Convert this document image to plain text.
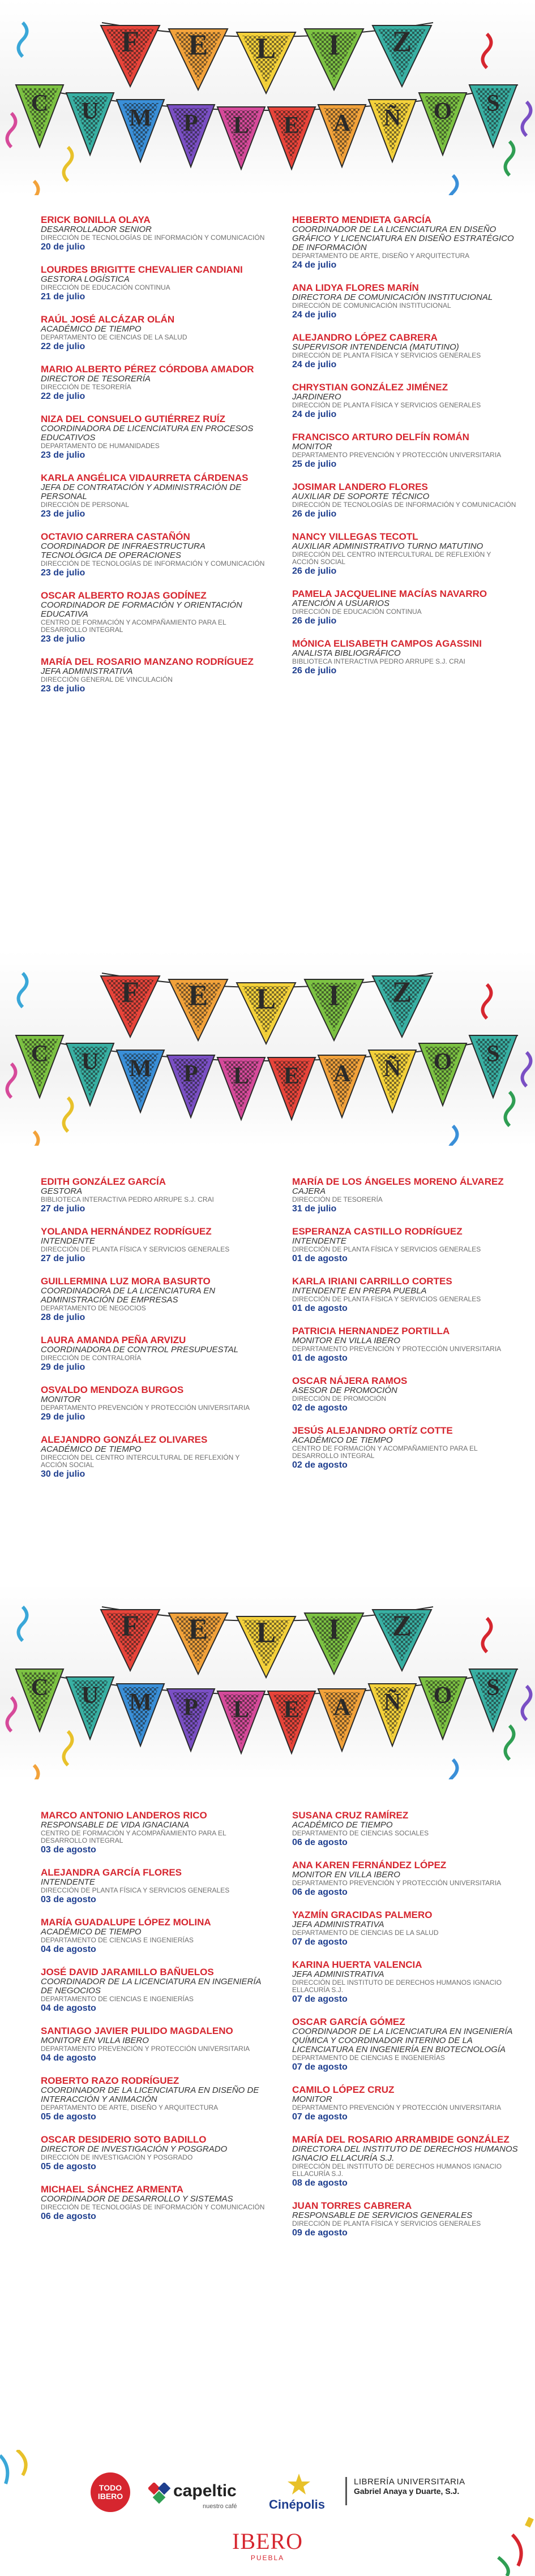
F E L I Z
C U M P L E A Ñ O S
ERICK BONILLA OLAYA
DESARROLLADOR SENIOR
DIRECCIÓN DE TECNOLOGÍAS DE INFORMACIÓN Y COMUNICACIÓN
20 de julio
LOURDES BRIGITTE CHEVALIER CANDIANI
GESTORA LOGÍSTICA
DIRECCIÓN DE EDUCACIÓN CONTINUA
21 de julio
RAÚL JOSÉ ALCÁZAR OLÁN
ACADÉMICO DE TIEMPO
DEPARTAMENTO DE CIENCIAS DE LA SALUD
22 de julio
MARIO ALBERTO PÉREZ CÓRDOBA AMADOR
DIRECTOR DE TESORERÍA
DIRECCIÓN DE TESORERÍA
22 de julio
NIZA DEL CONSUELO GUTIÉRREZ RUÍZ
COORDINADORA DE LICENCIATURA EN PROCESOS EDUCATIVOS
DEPARTAMENTO DE HUMANIDADES
23 de julio
KARLA ANGÉLICA VIDAURRETA CÁRDENAS
JEFA DE CONTRATACIÓN Y ADMINISTRACIÓN DE PERSONAL
DIRECCIÓN DE PERSONAL
23 de julio
OCTAVIO CARRERA CASTAÑÓN
COORDINADOR DE INFRAESTRUCTURA TECNOLÓGICA DE OPERACIONES
DIRECCIÓN DE TECNOLOGÍAS DE INFORMACIÓN Y COMUNICACIÓN
23 de julio
OSCAR ALBERTO ROJAS GODÍNEZ
COORDINADOR DE FORMACIÓN Y ORIENTACIÓN EDUCATIVA
CENTRO DE FORMACIÓN Y ACOMPAÑAMIENTO PARA EL DESARROLLO INTEGRAL
23 de julio
MARÍA DEL ROSARIO MANZANO RODRÍGUEZ
JEFA ADMINISTRATIVA
DIRECCIÓN GENERAL DE VINCULACIÓN
23 de julio
HEBERTO MENDIETA GARCÍA
COORDINADOR DE LA LICENCIATURA EN DISEÑO GRÁFICO Y LICENCIATURA EN DISEÑO ESTRATÉGICO DE INFORMACIÓN
DEPARTAMENTO DE ARTE, DISEÑO Y ARQUITECTURA
24 de julio
ANA LIDYA FLORES MARÍN
DIRECTORA DE COMUNICACIÓN INSTITUCIONAL
DIRECCIÓN DE COMUNICACIÓN INSTITUCIONAL
24 de julio
ALEJANDRO LÓPEZ CABRERA
SUPERVISOR INTENDENCIA (MATUTINO)
DIRECCIÓN DE PLANTA FÍSICA Y SERVICIOS GENERALES
24 de julio
CHRYSTIAN GONZÁLEZ JIMÉNEZ
JARDINERO
DIRECCIÓN DE PLANTA FÍSICA Y SERVICIOS GENERALES
24 de julio
FRANCISCO ARTURO DELFÍN ROMÁN
MONITOR
DEPARTAMENTO PREVENCIÓN Y PROTECCIÓN UNIVERSITARIA
25 de julio
JOSIMAR LANDERO FLORES
AUXILIAR DE SOPORTE TÉCNICO
DIRECCIÓN DE TECNOLOGÍAS DE INFORMACIÓN Y COMUNICACIÓN
26 de julio
NANCY VILLEGAS TECOTL
AUXILIAR ADMINISTRATIVO TURNO MATUTINO
DIRECCIÓN DEL CENTRO INTERCULTURAL DE REFLEXIÓN Y ACCIÓN SOCIAL
26 de julio
PAMELA JACQUELINE MACÍAS NAVARRO
ATENCIÓN A USUARIOS
DIRECCIÓN DE EDUCACIÓN CONTINUA
26 de julio
MÓNICA ELISABETH CAMPOS AGASSINI
ANALISTA BIBLIOGRÁFICO
BIBLIOTECA INTERACTIVA PEDRO ARRUPE S.J. CRAI
26 de julio
F E L I Z
C U M P L E A Ñ O S
EDITH GONZÁLEZ GARCÍA
GESTORA
BIBLIOTECA INTERACTIVA PEDRO ARRUPE S.J. CRAI
27 de julio
YOLANDA HERNÁNDEZ RODRÍGUEZ
INTENDENTE
DIRECCIÓN DE PLANTA FÍSICA Y SERVICIOS GENERALES
27 de julio
GUILLERMINA LUZ MORA BASURTO
COORDINADORA DE LA LICENCIATURA EN ADMINISTRACIÓN DE EMPRESAS
DEPARTAMENTO DE NEGOCIOS
28 de julio
LAURA AMANDA PEÑA ARVIZU
COORDINADORA DE CONTROL PRESUPUESTAL
DIRECCIÓN DE CONTRALORÍA
29 de julio
OSVALDO MENDOZA BURGOS
MONITOR
DEPARTAMENTO PREVENCIÓN Y PROTECCIÓN UNIVERSITARIA
29 de julio
ALEJANDRO GONZÁLEZ OLIVARES
ACADÉMICO DE TIEMPO
DIRECCIÓN DEL CENTRO INTERCULTURAL DE REFLEXIÓN Y ACCIÓN SOCIAL
30 de julio
MARÍA DE LOS ÁNGELES MORENO ÁLVAREZ
CAJERA
DIRECCIÓN DE TESORERÍA
31 de julio
ESPERANZA CASTILLO RODRÍGUEZ
INTENDENTE
DIRECCIÓN DE PLANTA FÍSICA Y SERVICIOS GENERALES
01 de agosto
KARLA IRIANI CARRILLO CORTES
INTENDENTE EN PREPA PUEBLA
DIRECCIÓN DE PLANTA FÍSICA Y SERVICIOS GENERALES
01 de agosto
PATRICIA HERNANDEZ PORTILLA
MONITOR EN VILLA IBERO
DEPARTAMENTO PREVENCIÓN Y PROTECCIÓN UNIVERSITARIA
01 de agosto
OSCAR NÁJERA RAMOS
ASESOR DE PROMOCIÓN
DIRECCIÓN DE PROMOCIÓN
02 de agosto
JESÚS ALEJANDRO ORTÍZ COTTE
ACADÉMICO DE TIEMPO
CENTRO DE FORMACIÓN Y ACOMPAÑAMIENTO PARA EL DESARROLLO INTEGRAL
02 de agosto
F E L I Z
C U M P L E A Ñ O S
MARCO ANTONIO LANDEROS RICO
RESPONSABLE DE VIDA IGNACIANA
CENTRO DE FORMACIÓN Y ACOMPAÑAMIENTO PARA EL DESARROLLO INTEGRAL
03 de agosto
ALEJANDRA GARCÍA FLORES
INTENDENTE
DIRECCIÓN DE PLANTA FÍSICA Y SERVICIOS GENERALES
03 de agosto
MARÍA GUADALUPE LÓPEZ MOLINA
ACADÉMICO DE TIEMPO
DEPARTAMENTO DE CIENCIAS E INGENIERÍAS
04 de agosto
JOSÉ DAVID JARAMILLO BAÑUELOS
COORDINADOR DE LA LICENCIATURA EN INGENIERÍA DE NEGOCIOS
DEPARTAMENTO DE CIENCIAS E INGENIERÍAS
04 de agosto
SANTIAGO JAVIER PULIDO MAGDALENO
MONITOR EN VILLA IBERO
DEPARTAMENTO PREVENCIÓN Y PROTECCIÓN UNIVERSITARIA
04 de agosto
ROBERTO RAZO RODRÍGUEZ
COORDINADOR DE LA LICENCIATURA EN DISEÑO DE INTERACCIÓN Y ANIMACIÓN
DEPARTAMENTO DE ARTE, DISEÑO Y ARQUITECTURA
05 de agosto
OSCAR DESIDERIO SOTO BADILLO
DIRECTOR DE INVESTIGACIÓN Y POSGRADO
DIRECCIÓN DE INVESTIGACIÓN Y POSGRADO
05 de agosto
MICHAEL SÁNCHEZ ARMENTA
COORDINADOR DE DESARROLLO Y SISTEMAS
DIRECCIÓN DE TECNOLOGÍAS DE INFORMACIÓN Y COMUNICACIÓN
06 de agosto
SUSANA CRUZ RAMÍREZ
ACADÉMICO DE TIEMPO
DEPARTAMENTO DE CIENCIAS SOCIALES
06 de agosto
ANA KAREN FERNÁNDEZ LÓPEZ
MONITOR EN VILLA IBERO
DEPARTAMENTO PREVENCIÓN Y PROTECCIÓN UNIVERSITARIA
06 de agosto
YAZMÍN GRACIDAS PALMERO
JEFA ADMINISTRATIVA
DEPARTAMENTO DE CIENCIAS DE LA SALUD
07 de agosto
KARINA HUERTA VALENCIA
JEFA ADMINISTRATIVA
DIRECCIÓN DEL INSTITUTO DE DERECHOS HUMANOS IGNACIO ELLACURÍA S.J.
07 de agosto
OSCAR GARCÍA GÓMEZ
COORDINADOR DE LA LICENCIATURA EN INGENIERÍA QUÍMICA Y COORDINADOR INTERINO DE LA LICENCIATURA EN INGENIERÍA EN BIOTECNOLOGÍA
DEPARTAMENTO DE CIENCIAS E INGENIERÍAS
07 de agosto
CAMILO LÓPEZ CRUZ
MONITOR
DEPARTAMENTO PREVENCIÓN Y PROTECCIÓN UNIVERSITARIA
07 de agosto
MARÍA DEL ROSARIO ARRAMBIDE GONZÁLEZ
DIRECTORA DEL INSTITUTO DE DERECHOS HUMANOS IGNACIO ELLACURÍA S.J.
DIRECCIÓN DEL INSTITUTO DE DERECHOS HUMANOS IGNACIO ELLACURÍA S.J.
08 de agosto
JUAN TORRES CABRERA
RESPONSABLE DE SERVICIOS GENERALES
DIRECCIÓN DE PLANTA FÍSICA Y SERVICIOS GENERALES
09 de agosto
TODO
IBERO	capeltic
nuestro café	Cinépolis
LIBRERÍA UNIVERSITARIA
Gabriel Anaya y Duarte, S.J.
IBERO
PUEBLA
